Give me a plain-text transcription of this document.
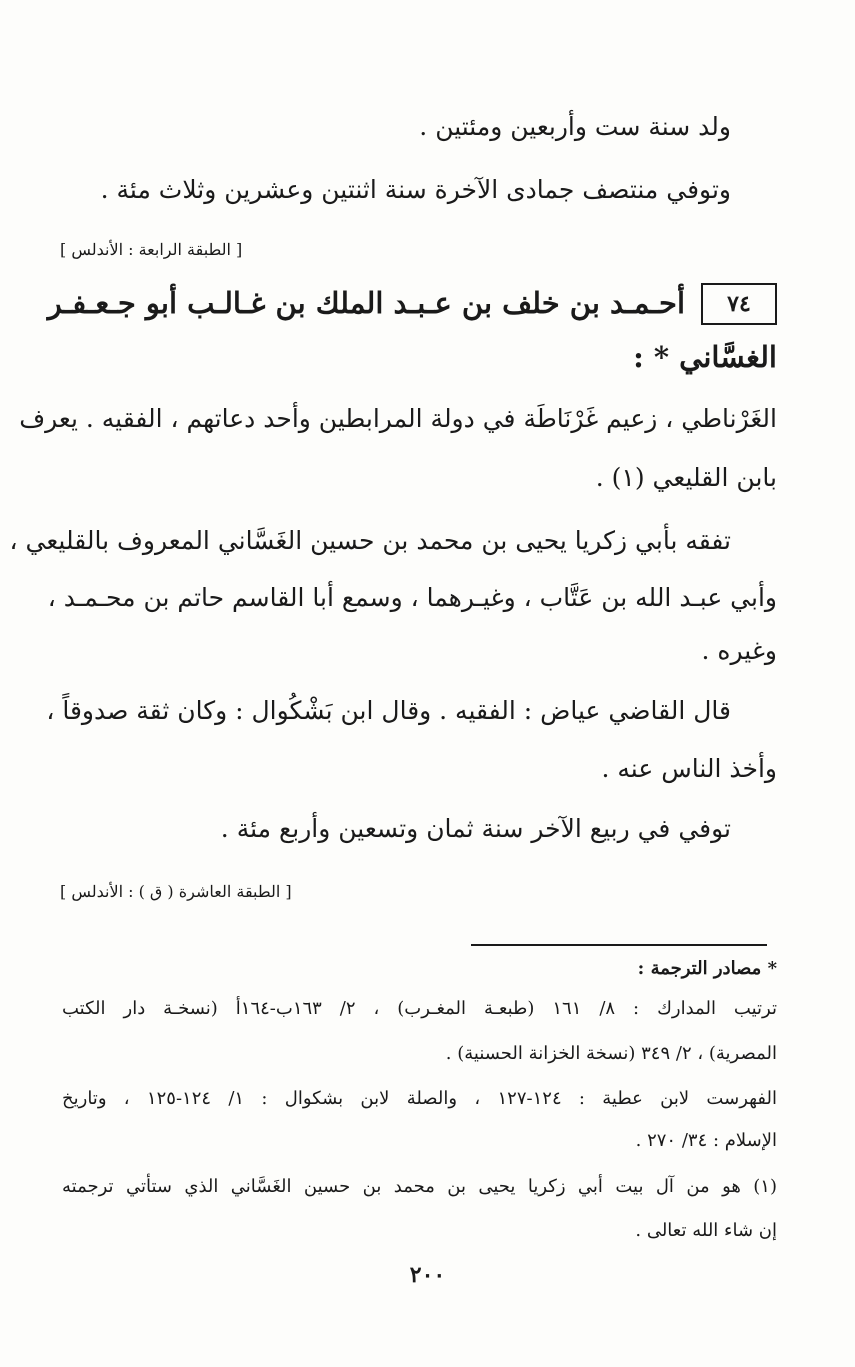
ولد سنة ست وأربعين ومئتين .
وتوفي منتصف جمادى الآخرة سنة اثنتين وعشرين وثلاث مئة .
[ الطبقة الرابعة : الأندلس ]
٧٤
أحـمـد بن خلف بن عـبـد الملك بن غـالـب أبو جـعـفـر
الغسَّاني * :
الغَرْناطي ، زعيم غَرْنَاطَة في دولة المرابطين وأحد دعاتهم ، الفقيه . يعرف
بابن القليعي (١) .
تفقه بأبي زكريا يحيى بن محمد بن حسين الغَسَّاني المعروف بالقليعي ،
وأبي عبـد الله بن عَتَّاب ، وغيـرهما ، وسمع أبا القاسم حاتم بن محـمـد ،
وغيره .
قال القاضي عياض : الفقيه . وقال ابن بَشْكُوال : وكان ثقة صدوقاً ،
وأخذ الناس عنه .
توفي في ربيع الآخر سنة ثمان وتسعين وأربع مئة .
[ الطبقة العاشرة ( ق ) : الأندلس ]
* مصادر الترجمة :
ترتيب المدارك : ٨/ ١٦١ (طبعـة المغـرب) ، ٢/ ١٦٣ب-١٦٤أ (نسخـة دار الكتب
المصرية) ، ٢/ ٣٤٩ (نسخة الخزانة الحسنية) .
الفهرست لابن عطية : ١٢٤-١٢٧ ، والصلة لابن بشكوال : ١/ ١٢٤-١٢٥ ، وتاريخ
الإسلام : ٣٤/ ٢٧٠ .
(١) هو من آل بيت أبي زكريا يحيى بن محمد بن حسين الغَسَّاني الذي ستأتي ترجمته
إن شاء الله تعالى .
٢٠٠
